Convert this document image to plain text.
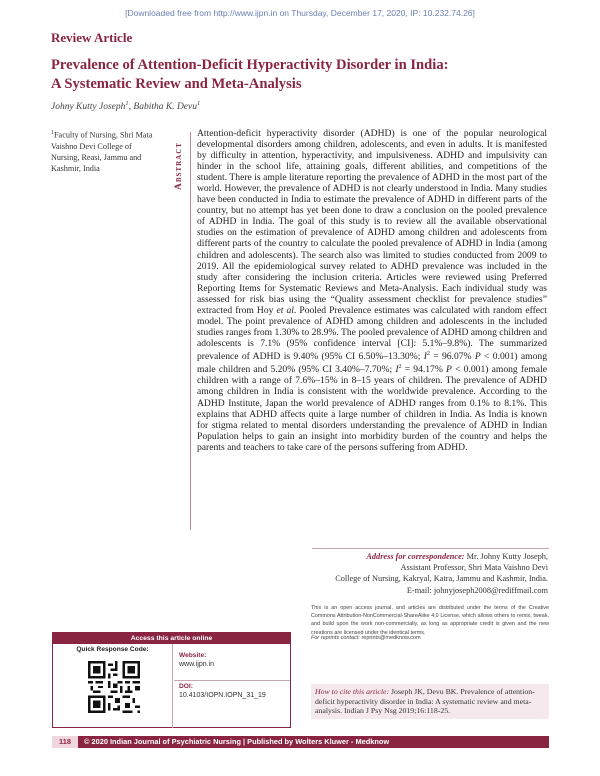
[Downloaded free from http://www.ijpn.in on Thursday, December 17, 2020, IP: 10.232.74.26]
Review Article
Prevalence of Attention-Deficit Hyperactivity Disorder in India:
A Systematic Review and Meta-Analysis
Johny Kutty Joseph$^1$, Babitha K. Devu$^1$
$^1$Faculty of Nursing, Shri Mata Vaishno Devi College of Nursing, Reasi, Jammu and Kashmir, India	Abstract
Attention-deficit hyperactivity disorder (ADHD) is one of the popular neurological developmental disorders among children, adolescents, and even in adults. It is manifested by difficulty in attention, hyperactivity, and impulsiveness. ADHD and impulsivity can hinder in the school life, attaining goals, different abilities, and competitions of the student. There is ample literature reporting the prevalence of ADHD in the most part of the world. However, the prevalence of ADHD is not clearly understood in India. Many studies have been conducted in India to estimate the prevalence of ADHD in different parts of the country, but no attempt has yet been done to draw a conclusion on the pooled prevalence of ADHD in India. The goal of this study is to review all the available observational studies on the estimation of prevalence of ADHD among children and adolescents from different parts of the country to calculate the pooled prevalence of ADHD in India (among children and adolescents). The search also was limited to studies conducted from 2009 to 2019. All the epidemiological survey related to ADHD prevalence was included in the study after considering the inclusion criteria. Articles were reviewed using Preferred Reporting Items for Systematic Reviews and Meta-Analysis. Each individual study was assessed for risk bias using the “Quality assessment checklist for prevalence studies” extracted from Hoy et al. Pooled Prevalence estimates was calculated with random effect model. The point prevalence of ADHD among children and adolescents in the included studies ranges from 1.30% to 28.9%. The pooled prevalence of ADHD among children and adolescents is 7.1% (95% confidence interval [CI]: 5.1%–9.8%). The summarized prevalence of ADHD is 9.40% (95% CI 6.50%–13.30%; $I^2 = 96.07\%$ P < 0.001) among male children and 5.20% (95% CI 3.40%–7.70%; $I^2 = 94.17\%$ P < 0.001) among female children with a range of 7.6%–15% in 8–15 years of children. The prevalence of ADHD among children in India is consistent with the worldwide prevalence. According to the ADHD Institute, Japan the world prevalence of ADHD ranges from 0.1% to 8.1%. This explains that ADHD affects quite a large number of children in India. As India is known for stigma related to mental disorders understanding the prevalence of ADHD in Indian Population helps to gain an insight into morbidity burden of the country and helps the parents and teachers to take care of the persons suffering from ADHD.
Address for correspondence: Mr. Johny Kutty Joseph,
Assistant Professor, Shri Mata Vaishno Devi
College of Nursing, Kakryal, Katra, Jammu and Kashmir, India.
E-mail: johnyjoseph2008@rediffmail.com
This is an open access journal, and articles are distributed under the terms of the Creative Commons Attribution-NonCommercial-ShareAlike 4.0 License, which allows others to remix, tweak, and build upon the work non-commercially, as long as appropriate credit is given and the new creations are licensed under the identical terms.
For reprints contact: reprints@medknow.com
How to cite this article: Joseph JK, Devu BK. Prevalence of attention-deficit hyperactivity disorder in India: A systematic review and meta-analysis. Indian J Psy Nsg 2019;16:118-25.
Access this article online
Quick Response Code:
Website:
www.ijpn.in
DOI:
10.4103/IOPN.IOPN_31_19
118 © 2020 Indian Journal of Psychiatric Nursing | Published by Wolters Kluwer - Medknow
